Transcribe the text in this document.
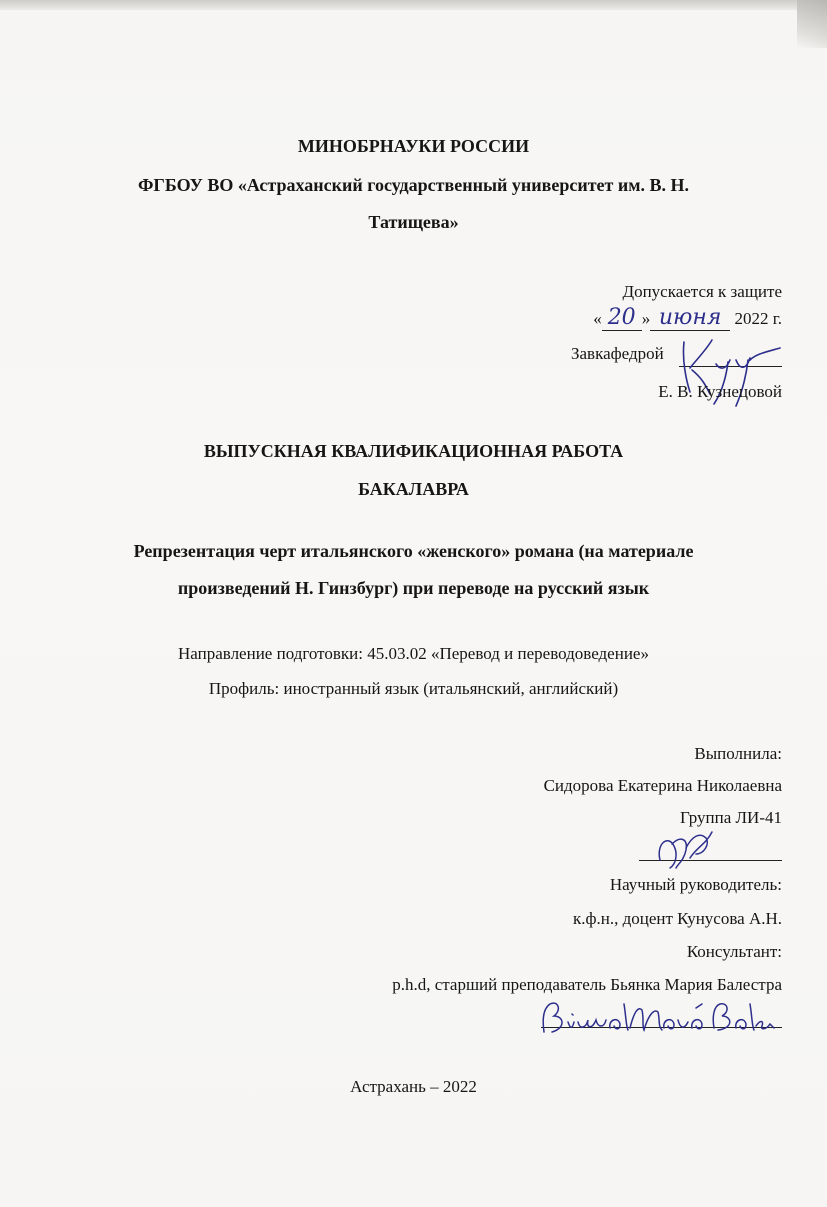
МИНОБРНАУКИ РОССИИ
ФГБОУ ВО «Астраханский государственный университет им. В. Н.
Татищева»
Допускается к защите
« 20 » июня 2022 г.
Завкафедрой
Е. В. Кузнецовой
ВЫПУСКНАЯ КВАЛИФИКАЦИОННАЯ РАБОТА
БАКАЛАВРА
Репрезентация черт итальянского «женского» романа (на материале
произведений Н. Гинзбург) при переводе на русский язык
Направление подготовки: 45.03.02 «Перевод и переводоведение»
Профиль: иностранный язык (итальянский, английский)
Выполнила:
Сидорова Екатерина Николаевна
Группа ЛИ-41
Научный руководитель:
к.ф.н., доцент Кунусова А.Н.
Консультант:
p.h.d, старший преподаватель Бьянка Мария Балестра
Астрахань – 2022
